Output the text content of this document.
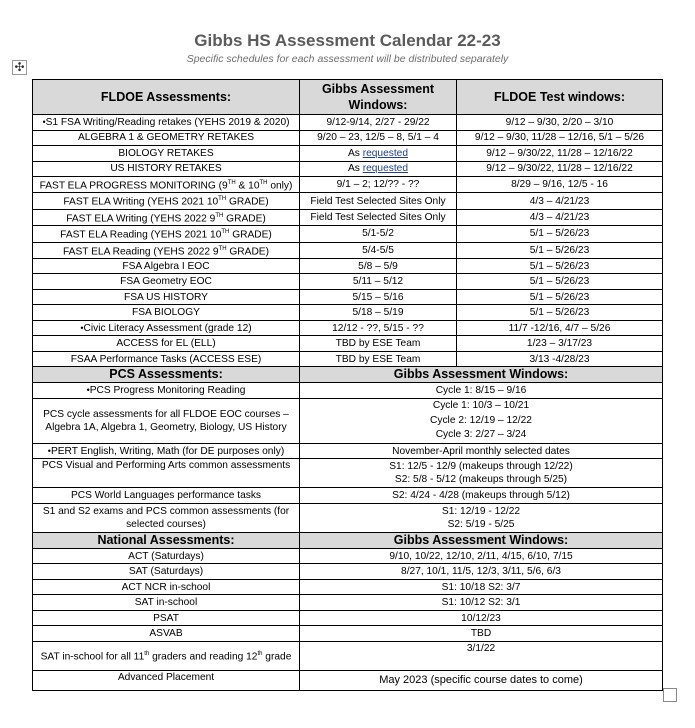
Gibbs HS Assessment Calendar 22-23
Specific schedules for each assessment will be distributed separately
✣
FLDOE Assessments:	Gibbs Assessment Windows:	FLDOE Test windows:
•S1 FSA Writing/Reading retakes (YEHS 2019 & 2020)	9/12-9/14, 2/27 - 29/22	9/12 – 9/30, 2/20 – 3/10
ALGEBRA 1 & GEOMETRY RETAKES	9/20 – 23, 12/5 – 8, 5/1 – 4	9/12 – 9/30, 11/28 – 12/16, 5/1 – 5/26
BIOLOGY RETAKES	As requested	9/12 – 9/30/22, 11/28 – 12/16/22
US HISTORY RETAKES	As requested	9/12 – 9/30/22, 11/28 – 12/16/22
FAST ELA PROGRESS MONITORING (9TH & 10TH only)	9/1 – 2; 12/?? - ??	8/29 – 9/16, 12/5 - 16
FAST ELA Writing (YEHS 2021 10TH GRADE)	Field Test Selected Sites Only	4/3 – 4/21/23
FAST ELA Writing (YEHS 2022 9TH GRADE)	Field Test Selected Sites Only	4/3 – 4/21/23
FAST ELA Reading (YEHS 2021 10TH GRADE)	5/1-5/2	5/1 – 5/26/23
FAST ELA Reading (YEHS 2022 9TH GRADE)	5/4-5/5	5/1 – 5/26/23
FSA Algebra I EOC	5/8 – 5/9	5/1 – 5/26/23
FSA Geometry EOC	5/11 – 5/12	5/1 – 5/26/23
FSA US HISTORY	5/15 – 5/16	5/1 – 5/26/23
FSA BIOLOGY	5/18 – 5/19	5/1 – 5/26/23
•Civic Literacy Assessment (grade 12)	12/12 - ??, 5/15 - ??	11/7 -12/16, 4/7 – 5/26
ACCESS for EL (ELL)	TBD by ESE Team	1/23 – 3/17/23
FSAA Performance Tasks (ACCESS ESE)	TBD by ESE Team	3/13 -4/28/23
PCS Assessments:	Gibbs Assessment Windows:	
•PCS Progress Monitoring Reading	Cycle 1: 8/15 – 9/16	
PCS cycle assessments for all FLDOE EOC courses – Algebra 1A, Algebra 1, Geometry, Biology, US History	Cycle 1: 10/3 – 10/21
Cycle 2: 12/19 – 12/22
Cycle 3: 2/27 – 3/24	

•PERT English, Writing, Math (for DE purposes only)	November-April monthly selected dates	
PCS Visual and Performing Arts common assessments	S1: 12/5 - 12/9 (makeups through 12/22)
S2: 5/8 - 5/12 (makeups through 5/25)	

PCS World Languages performance tasks	S2: 4/24 - 4/28 (makeups through 5/12)	
S1 and S2 exams and PCS common assessments (for selected courses)	S1: 12/19 - 12/22
S2: 5/19 - 5/25	

National Assessments:	Gibbs Assessment Windows:	
ACT (Saturdays)	9/10, 10/22, 12/10, 2/11, 4/15, 6/10, 7/15	
SAT (Saturdays)	8/27, 10/1, 11/5, 12/3, 3/11, 5/6, 6/3	
ACT NCR in-school	S1: 10/18 S2: 3/7	
SAT in-school	S1: 10/12 S2: 3/1	
PSAT	10/12/23	
ASVAB	TBD	
SAT in-school for all 11th graders and reading 12th grade	3/1/22	
Advanced Placement	May 2023 (specific course dates to come)	
